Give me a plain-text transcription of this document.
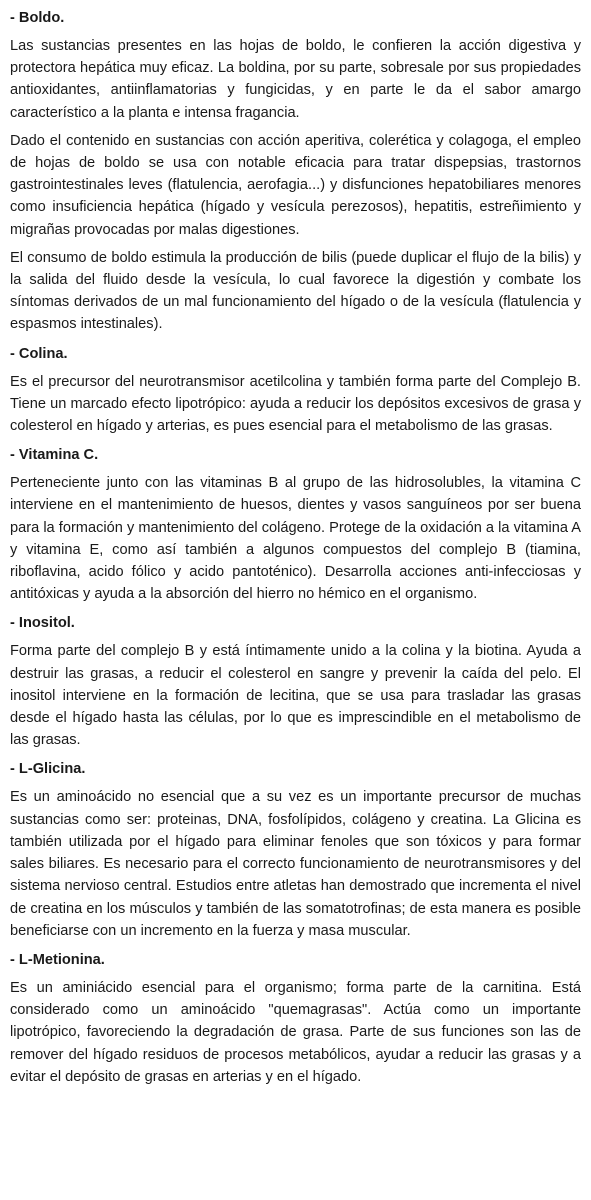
- Boldo.

Las sustancias presentes en las hojas de boldo, le confieren la acción digestiva y protectora hepática muy eficaz. La boldina, por su parte, sobresale por sus propiedades antioxidantes, antiinflamatorias y fungicidas, y en parte le da el sabor amargo característico a la planta e intensa fragancia.

Dado el contenido en sustancias con acción aperitiva, colerética y colagoga, el empleo de hojas de boldo se usa con notable eficacia para tratar dispepsias, trastornos gastrointestinales leves (flatulencia, aerofagia...) y disfunciones hepatobiliares menores como insuficiencia hepática (hígado y vesícula perezosos), hepatitis, estreñimiento y migrañas provocadas por malas digestiones.

El consumo de boldo estimula la producción de bilis (puede duplicar el flujo de la bilis) y la salida del fluido desde la vesícula, lo cual favorece la digestión y combate los síntomas derivados de un mal funcionamiento del hígado o de la vesícula (flatulencia y espasmos intestinales).

- Colina.

Es el precursor del neurotransmisor acetilcolina y también forma parte del Complejo B. Tiene un marcado efecto lipotrópico: ayuda a reducir los depósitos excesivos de grasa y colesterol en hígado y arterias, es pues esencial para el metabolismo de las grasas.

- Vitamina C.

Perteneciente junto con las vitaminas B al grupo de las hidrosolubles, la vitamina C interviene en el mantenimiento de huesos, dientes y vasos sanguíneos por ser buena para la formación y mantenimiento del colágeno. Protege de la oxidación a la vitamina A y vitamina E, como así también a algunos compuestos del complejo B (tiamina, riboflavina, acido fólico y acido pantoténico). Desarrolla acciones anti-infecciosas y antitóxicas y ayuda a la absorción del hierro no hémico en el organismo.

- Inositol.

Forma parte del complejo B y está íntimamente unido a la colina y la biotina. Ayuda a destruir las grasas, a reducir el colesterol en sangre y prevenir la caída del pelo. El inositol interviene en la formación de lecitina, que se usa para trasladar las grasas desde el hígado hasta las células, por lo que es imprescindible en el metabolismo de las grasas.

- L-Glicina.

Es un aminoácido no esencial que a su vez es un importante precursor de muchas sustancias como ser: proteinas, DNA, fosfolípidos, colágeno y creatina. La Glicina es también utilizada por el hígado para eliminar fenoles que son tóxicos y para formar sales biliares. Es necesario para el correcto funcionamiento de neurotransmisores y del sistema nervioso central. Estudios entre atletas han demostrado que incrementa el nivel de creatina en los músculos y también de las somatotrofinas; de esta manera es posible beneficiarse con un incremento en la fuerza y masa muscular.

- L-Metionina.

Es un aminiácido esencial para el organismo; forma parte de la carnitina. Está considerado como un aminoácido "quemagrasas". Actúa como un importante lipotrópico, favoreciendo la degradación de grasa. Parte de sus funciones son las de remover del hígado residuos de procesos metabólicos, ayudar a reducir las grasas y a evitar el depósito de grasas en arterias y en el hígado.
